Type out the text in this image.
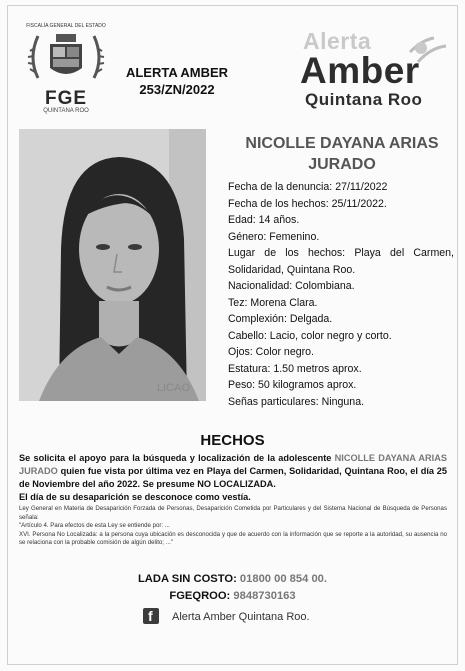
FISCALÍA GENERAL DEL ESTADO
FGE
QUINTANA ROO
ALERTA AMBER
253/ZN/2022
Alerta
Amber
Quintana Roo
LICAO
NICOLLE DAYANA ARIAS
JURADO
Fecha de la denuncia: 27/11/2022
Fecha de los hechos: 25/11/2022.
Edad: 14 años.
Género: Femenino.
Lugar de los hechos: Playa del Carmen, Solidaridad, Quintana Roo.
Nacionalidad: Colombiana.
Tez: Morena Clara.
Complexión: Delgada.
Cabello: Lacio, color negro y corto.
Ojos: Color negro.
Estatura: 1.50 metros aprox.
Peso: 50 kilogramos aprox.
Señas particulares: Ninguna.
HECHOS
Se solicita el apoyo para la búsqueda y localización de la adolescente NICOLLE DAYANA ARIAS JURADO quien fue vista por última vez en Playa del Carmen, Solidaridad, Quintana Roo, el día 25 de Noviembre del año 2022. Se presume NO LOCALIZADA.
El día de su desaparición se desconoce como vestía.
Ley General en Materia de Desaparición Forzada de Personas, Desaparición Cometida por Particulares y del Sistema Nacional de Búsqueda de Personas señala:
"Artículo 4. Para efectos de esta Ley se entiende por: ...
XVI. Persona No Localizada: a la persona cuya ubicación es desconocida y que de acuerdo con la información que se reporte a la autoridad, su ausencia no se relaciona con la probable comisión de algún delito; ..."
LADA SIN COSTO: 01800 00 854 00.
FGEQROO: 9848730163
f Alerta Amber Quintana Roo.
